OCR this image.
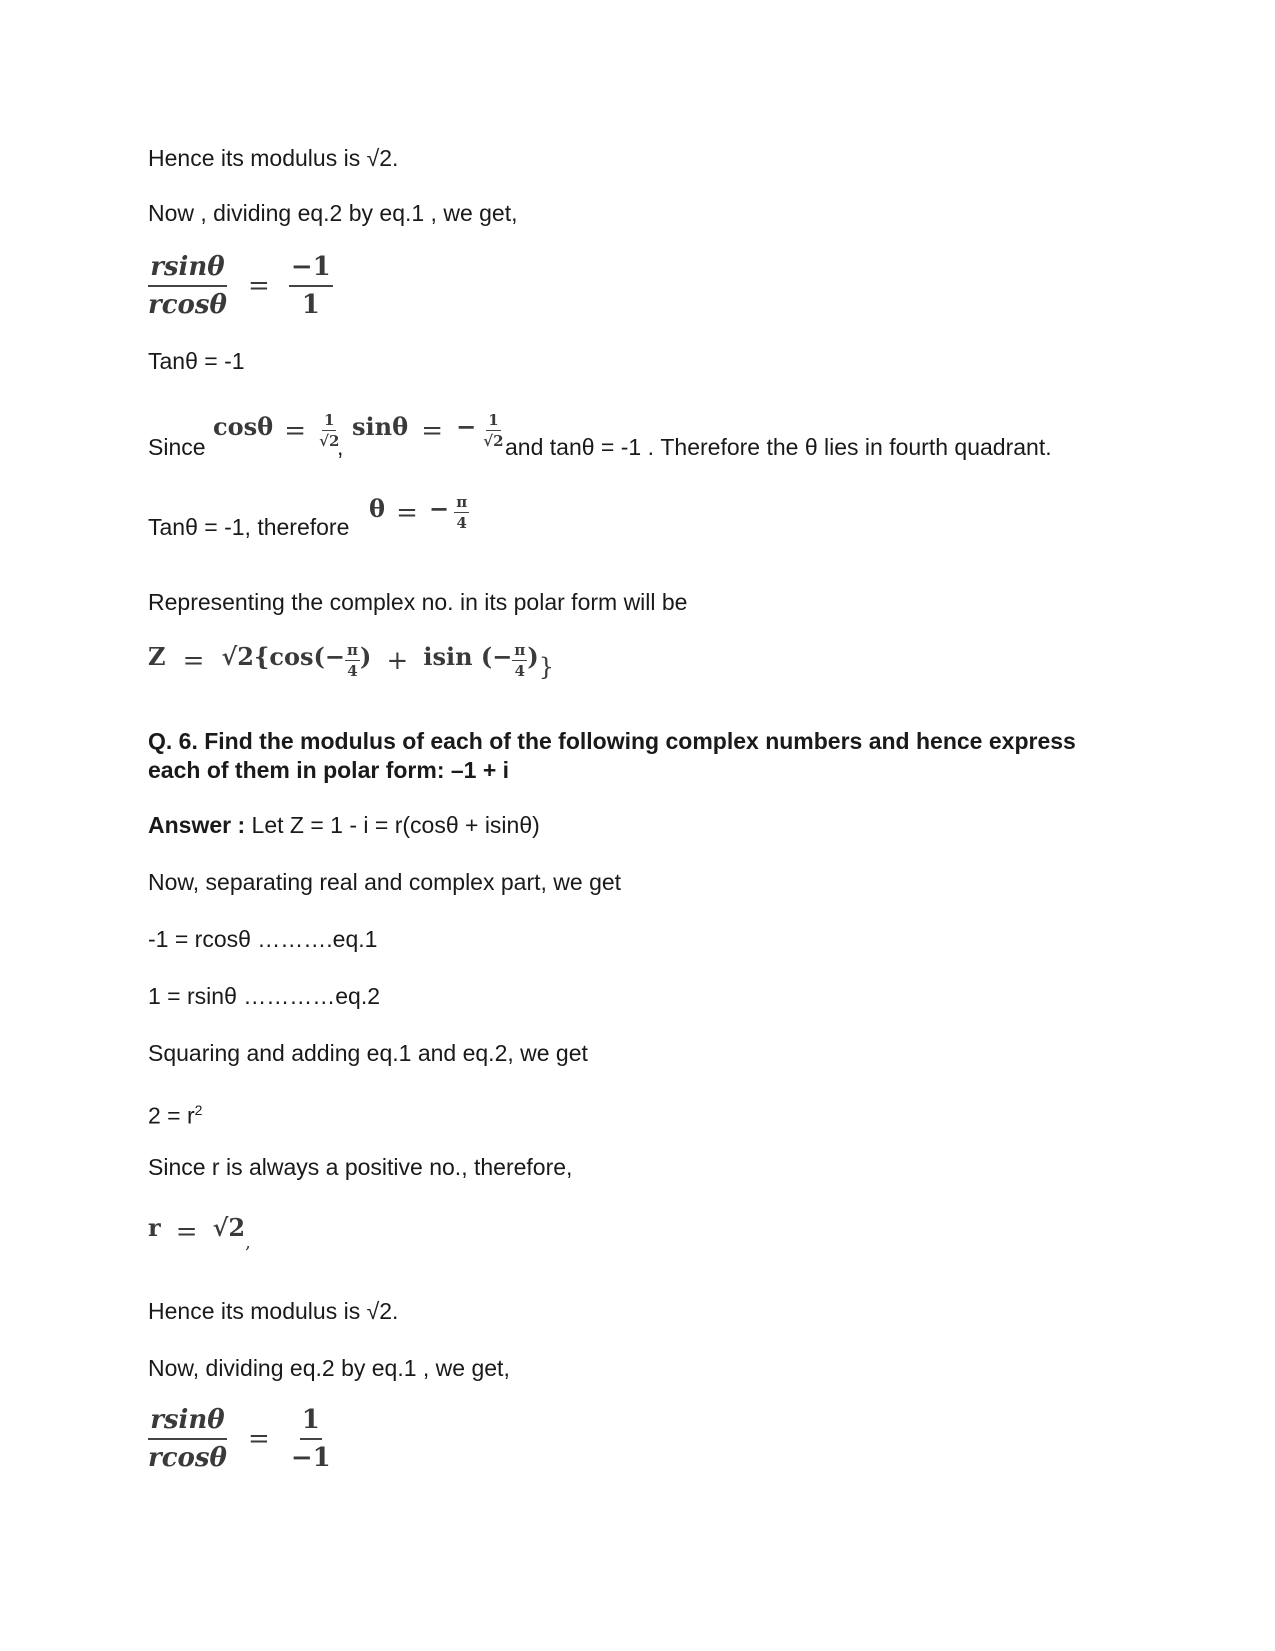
Hence its modulus is √2.
Now , dividing eq.2 by eq.1 , we get,
$\frac{rsin\theta}{rcos\theta} = \frac{-1}{1}$
Tanθ = -1
Since
$\cos\theta = \frac{1}{√2}$
,
sinθ = − $\frac{1}{√2}$ and tanθ = -1 . Therefore the θ lies in fourth quadrant.
Tanθ = -1, therefore
θ = − $\frac{\pi}{4}$
Representing the complex no. in its polar form will be
$Z = √2\{\cos(- \frac{\pi}{4}$ ) + isin (− $\frac{\pi}{4}$ )}
Q. 6. Find the modulus of each of the following complex numbers and hence express each of them in polar form: –1 + i
Answer : Let Z = 1 - i = r(cosθ + isinθ)
Now, separating real and complex part, we get
-1 = rcosθ ……….eq.1
1 = rsinθ …………eq.2
Squaring and adding eq.1 and eq.2, we get
$2 = r^2$
Since r is always a positive no., therefore,
r = √2,
Hence its modulus is √2.
Now, dividing eq.2 by eq.1 , we get,
$\frac{rsin\theta}{rcos\theta} = \frac{1}{-1}$
